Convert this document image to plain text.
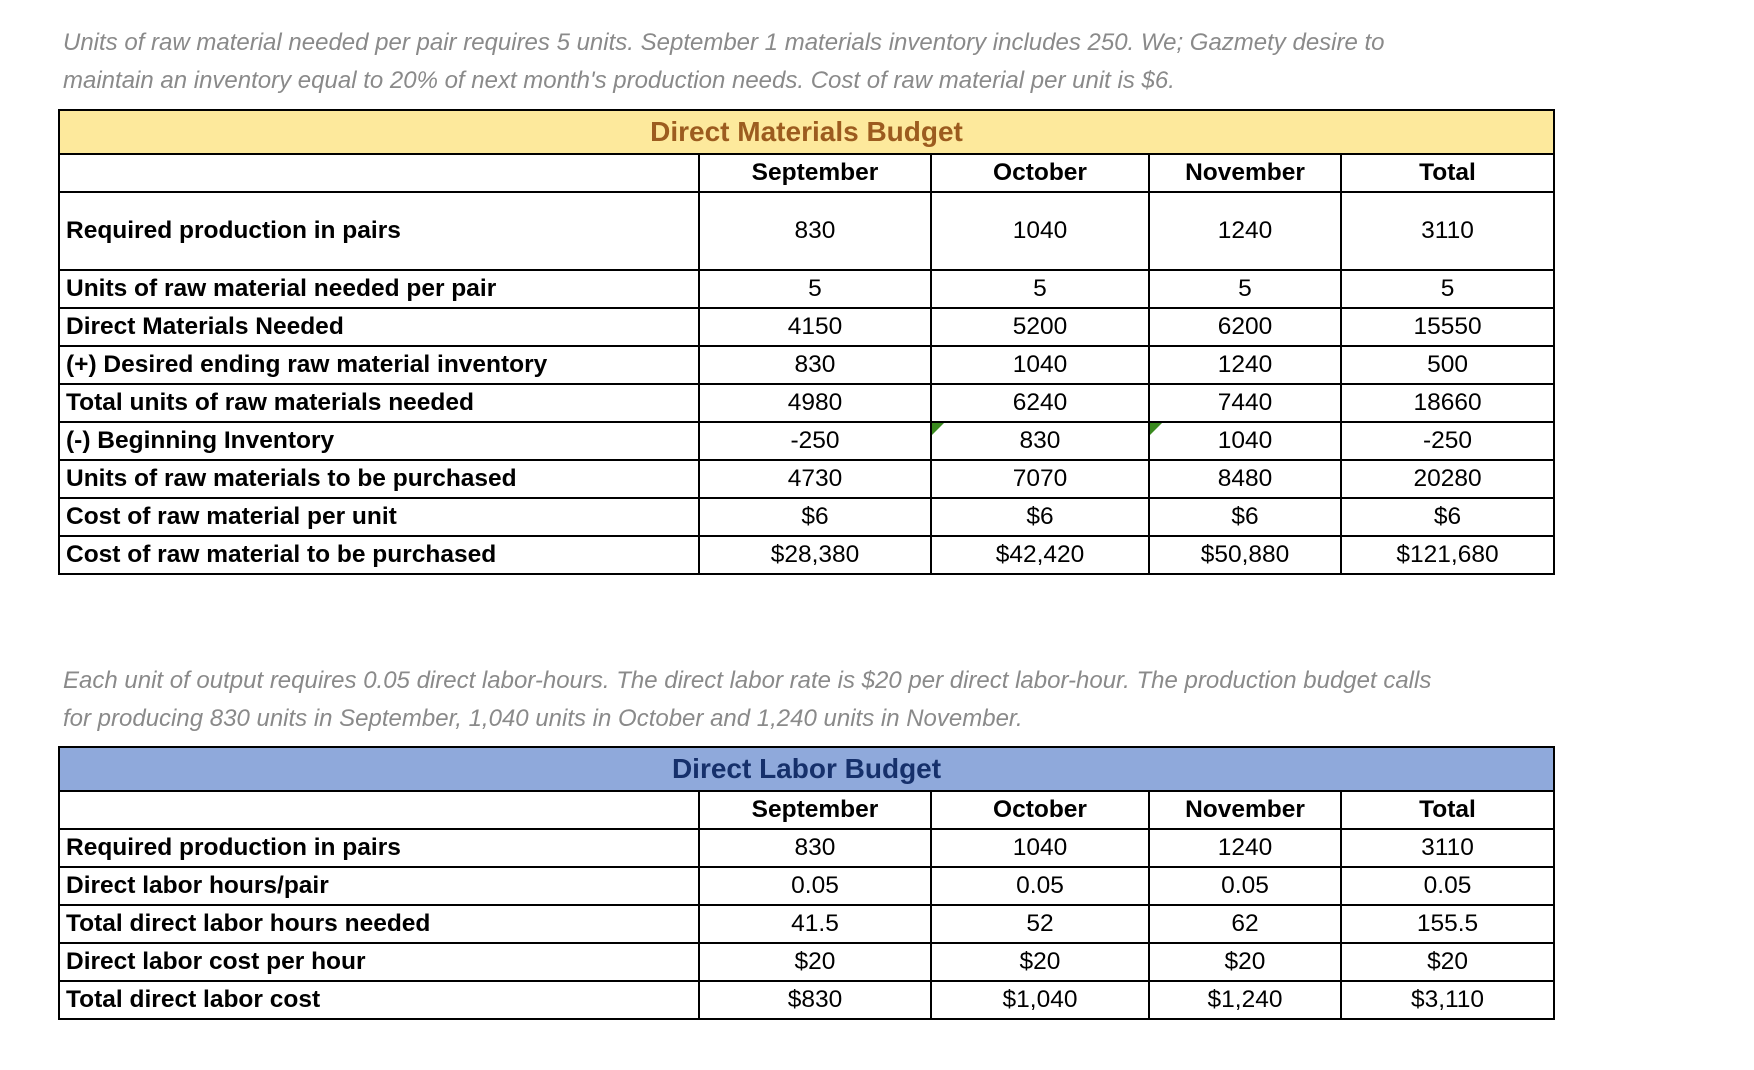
Units of raw material needed per pair requires 5 units. September 1 materials inventory includes 250. We; Gazmety desire to

maintain an inventory equal to 20% of next month's production needs. Cost of raw material per unit is $6.

Direct Materials Budget				
	September	October	November	Total
Required production in pairs	830	1040	1240	3110
Units of raw material needed per pair	5	5	5	5
Direct Materials Needed	4150	5200	6200	15550
(+) Desired ending raw material inventory	830	1040	1240	500
Total units of raw materials needed	4980	6240	7440	18660
(-) Beginning Inventory	-250	830	1040	-250
Units of raw materials to be purchased	4730	7070	8480	20280
Cost of raw material per unit	$6	$6	$6	$6
Cost of raw material to be purchased	$28,380	$42,420	$50,880	$121,680

Each unit of output requires 0.05 direct labor-hours. The direct labor rate is $20 per direct labor-hour. The production budget calls

for producing 830 units in September, 1,040 units in October and 1,240 units in November.

Direct Labor Budget				
	September	October	November	Total
Required production in pairs	830	1040	1240	3110
Direct labor hours/pair	0.05	0.05	0.05	0.05
Total direct labor hours needed	41.5	52	62	155.5
Direct labor cost per hour	$20	$20	$20	$20
Total direct labor cost	$830	$1,040	$1,240	$3,110
